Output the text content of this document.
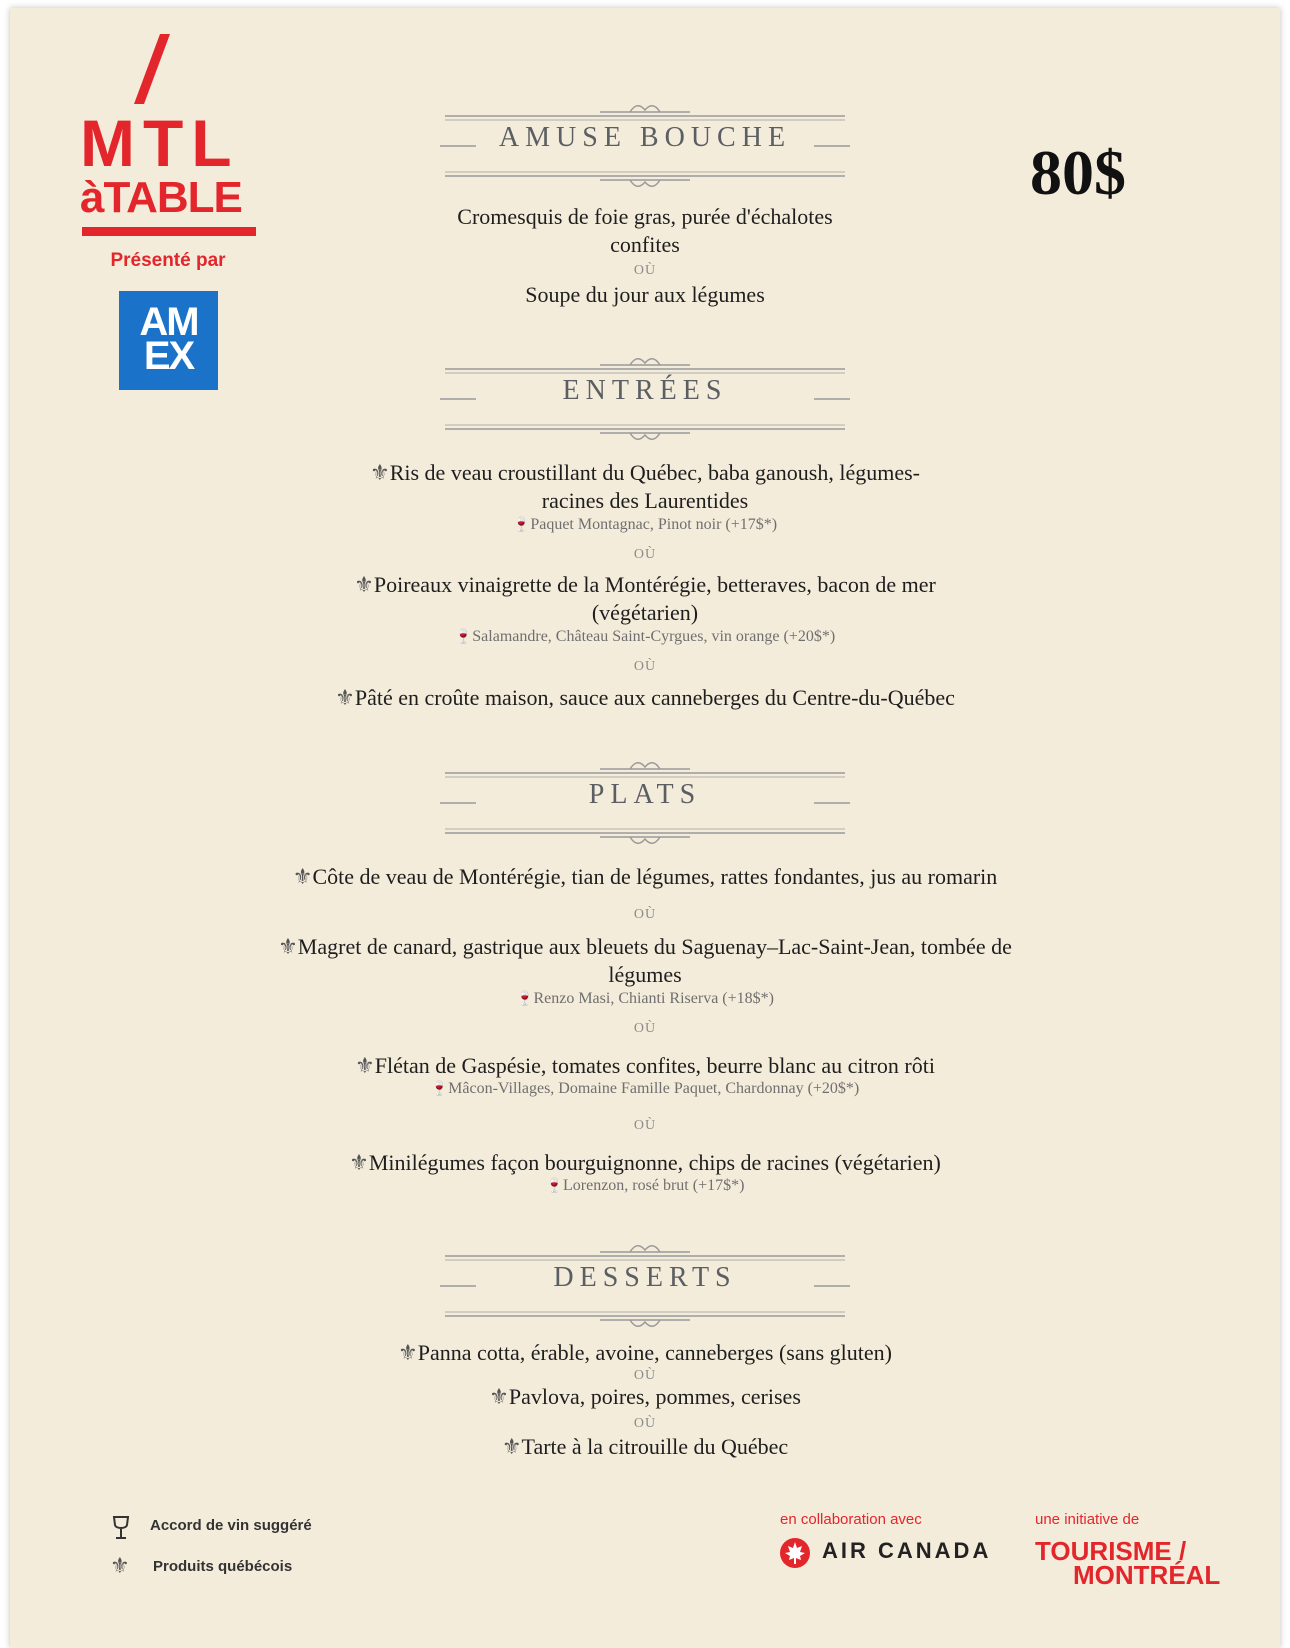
MTL
àTABLE
Présenté par
AM
EX
80$
AMUSE BOUCHE
Cromesquis de foie gras, purée d'échalotes
confites
OÙ
Soupe du jour aux légumes
ENTRÉES
⚜Ris de veau croustillant du Québec, baba ganoush, légumes-
racines des Laurentides
🍷Paquet Montagnac, Pinot noir (+17$*)
OÙ
⚜Poireaux vinaigrette de la Montérégie, betteraves, bacon de mer
(végétarien)
🍷Salamandre, Château Saint-Cyrgues, vin orange (+20$*)
OÙ
⚜Pâté en croûte maison, sauce aux canneberges du Centre-du-Québec
PLATS
⚜Côte de veau de Montérégie, tian de légumes, rattes fondantes, jus au romarin
OÙ
⚜Magret de canard, gastrique aux bleuets du Saguenay–Lac-Saint-Jean, tombée de
légumes
🍷Renzo Masi, Chianti Riserva (+18$*)
OÙ
⚜Flétan de Gaspésie, tomates confites, beurre blanc au citron rôti
🍷Mâcon-Villages, Domaine Famille Paquet, Chardonnay (+20$*)
OÙ
⚜Minilégumes façon bourguignonne, chips de racines (végétarien)
🍷Lorenzon, rosé brut (+17$*)
DESSERTS
⚜Panna cotta, érable, avoine, canneberges (sans gluten)
OÙ
⚜Pavlova, poires, pommes, cerises
OÙ
⚜Tarte à la citrouille du Québec
Accord de vin suggéré
⚜ Produits québécois
en collaboration avec
AIR CANADA
une initiative de
TOURISME /
MONTRÉAL
